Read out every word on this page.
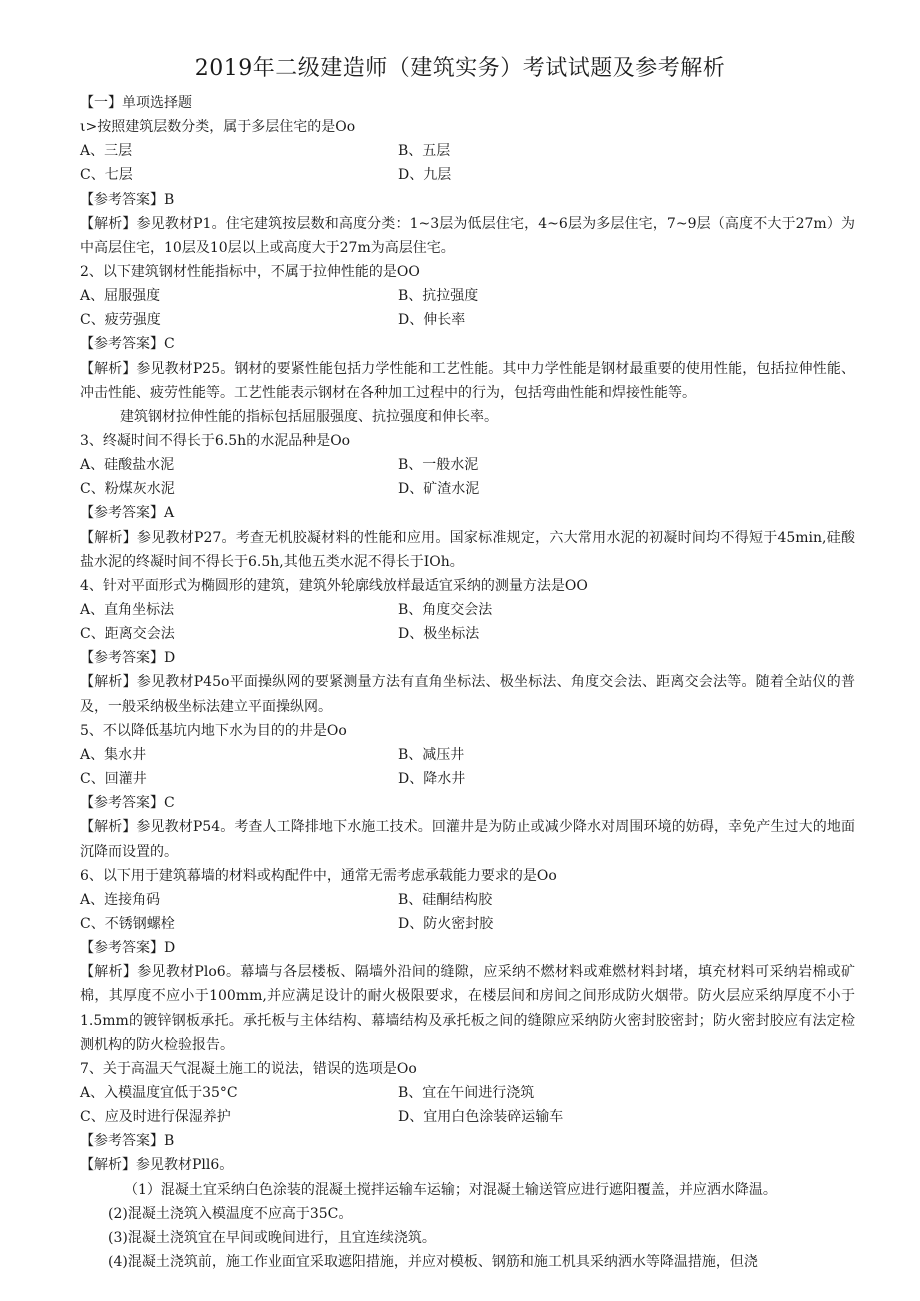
2019年二级建造师（建筑实务）考试试题及参考解析
【一】单项选择题
ι>按照建筑层数分类，属于多层住宅的是Oo
A、三层	B、五层
C、七层	D、九层
【参考答案】B
【解析】参见教材P1。住宅建筑按层数和高度分类：1~3层为低层住宅，4~6层为多层住宅，7~9层（高度不大于27m）为中高层住宅，10层及10层以上或高度大于27m为高层住宅。
2、以下建筑钢材性能指标中，不属于拉伸性能的是OO
A、屈服强度	B、抗拉强度
C、疲劳强度	D、伸长率
【参考答案】C
【解析】参见教材P25。钢材的要紧性能包括力学性能和工艺性能。其中力学性能是钢材最重要的使用性能，包括拉伸性能、冲击性能、疲劳性能等。工艺性能表示钢材在各种加工过程中的行为，包括弯曲性能和焊接性能等。
建筑钢材拉伸性能的指标包括屈服强度、抗拉强度和伸长率。
3、终凝时间不得长于6.5h的水泥品种是Oo
A、硅酸盐水泥	B、一般水泥
C、粉煤灰水泥	D、矿渣水泥
【参考答案】A
【解析】参见教材P27。考查无机胶凝材料的性能和应用。国家标准规定，六大常用水泥的初凝时间均不得短于45min,硅酸盐水泥的终凝时间不得长于6.5h,其他五类水泥不得长于IOh。
4、针对平面形式为椭圆形的建筑，建筑外轮廓线放样最适宜采纳的测量方法是OO
A、直角坐标法	B、角度交会法
C、距离交会法	D、极坐标法
【参考答案】D
【解析】参见教材P45o平面操纵网的要紧测量方法有直角坐标法、极坐标法、角度交会法、距离交会法等。随着全站仪的普及，一般采纳极坐标法建立平面操纵网。
5、不以降低基坑内地下水为目的的井是Oo
A、集水井	B、减压井
C、回灌井	D、降水井
【参考答案】C
【解析】参见教材P54。考查人工降排地下水施工技术。回灌井是为防止或减少降水对周围环境的妨碍，幸免产生过大的地面沉降而设置的。
6、以下用于建筑幕墙的材料或构配件中，通常无需考虑承载能力要求的是Oo
A、连接角码	B、硅酮结构胶
C、不锈钢螺栓	D、防火密封胶
【参考答案】D
【解析】参见教材Plo6。幕墙与各层楼板、隔墙外沿间的缝隙，应采纳不燃材料或难燃材料封堵，填充材料可采纳岩棉或矿棉，其厚度不应小于100mm,并应满足设计的耐火极限要求，在楼层间和房间之间形成防火烟带。防火层应采纳厚度不小于1.5mm的镀锌钢板承托。承托板与主体结构、幕墙结构及承托板之间的缝隙应采纳防火密封胶密封；防火密封胶应有法定检测机构的防火检验报告。
7、关于高温天气混凝土施工的说法，错误的选项是Oo
A、入模温度宜低于35°C	B、宜在午间进行浇筑
C、应及时进行保湿养护	D、宜用白色涂装碎运输车
【参考答案】B
【解析】参见教材Pll6。
（1）混凝土宜采纳白色涂装的混凝土搅拌运输车运输；对混凝土输送管应进行遮阳覆盖，并应洒水降温。
(2)混凝土浇筑入模温度不应高于35C。
(3)混凝土浇筑宜在早间或晚间进行，且宜连续浇筑。
(4)混凝土浇筑前，施工作业面宜采取遮阳措施，并应对模板、钢筋和施工机具采纳洒水等降温措施，但浇
